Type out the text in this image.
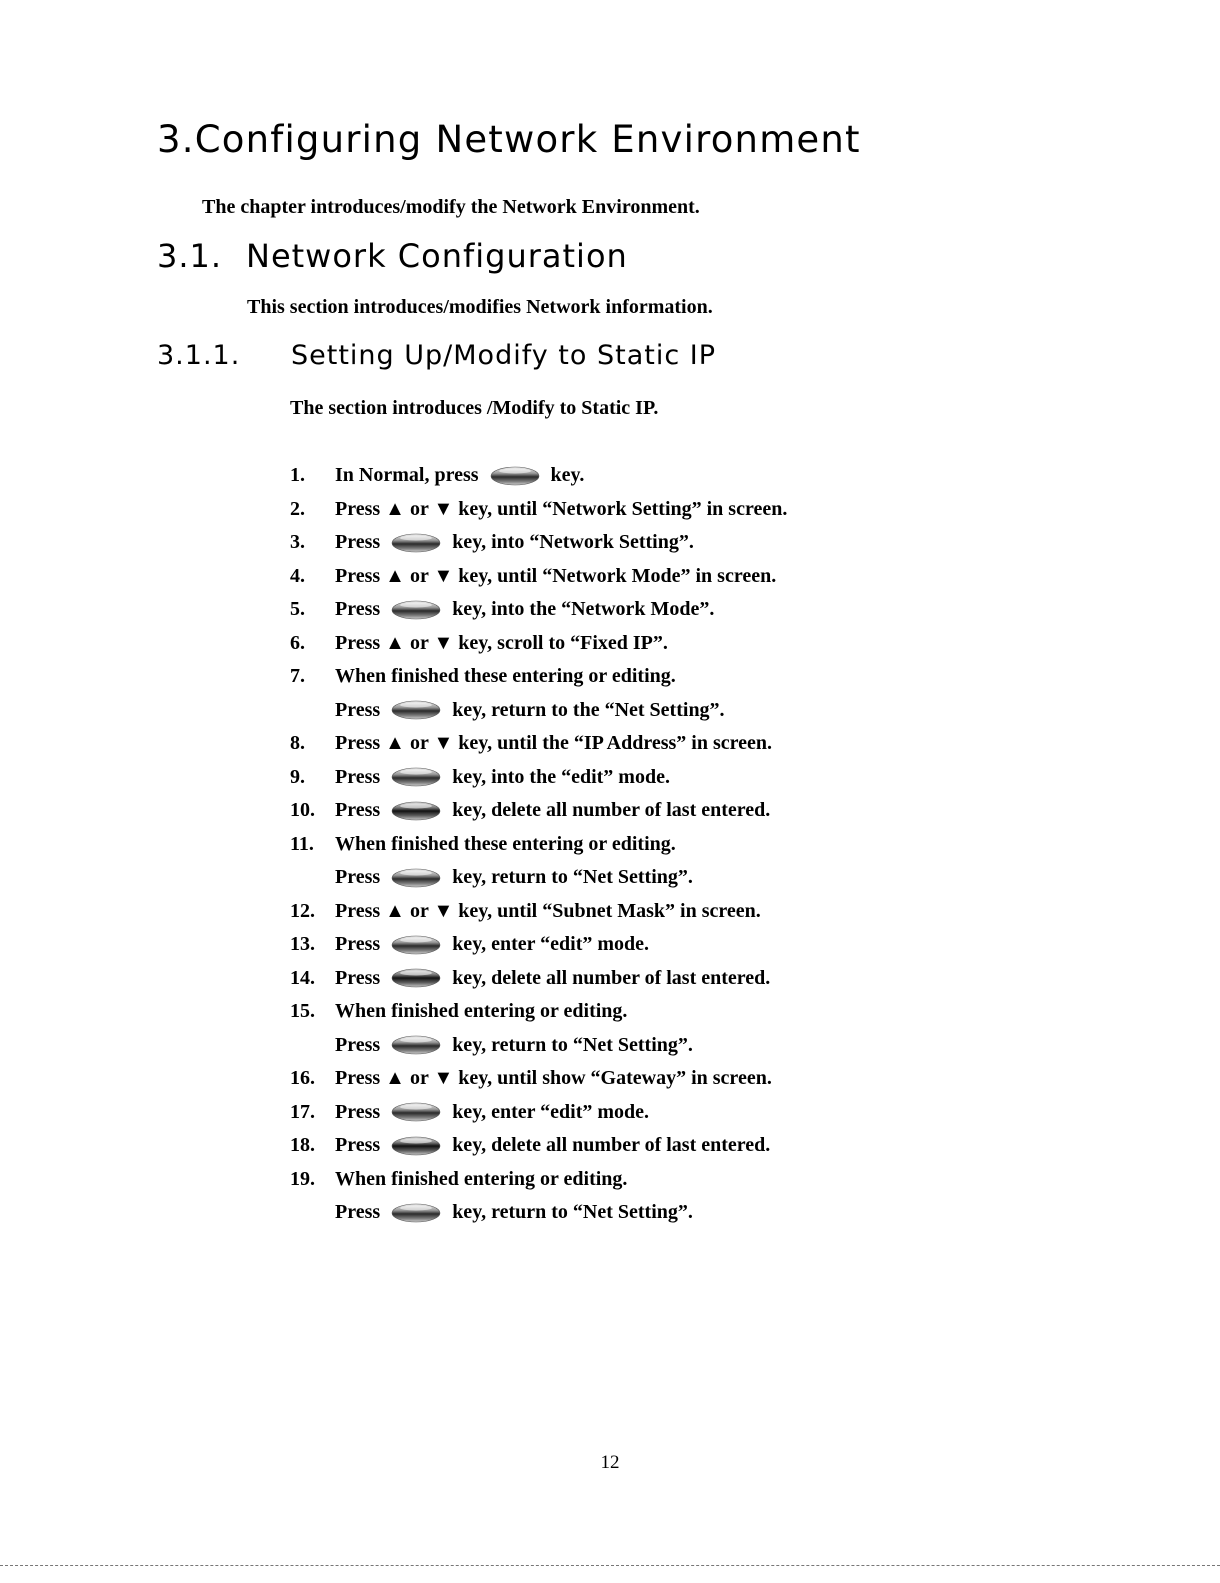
3.Configuring Network Environment

The chapter introduces/modify the Network Environment.

3.1. Network Configuration

This section introduces/modifies Network information.

3.1.1. Setting Up/Modify to Static IP

The section introduces /Modify to Static IP.

1.	In Normal, press	key.
2.	Press ▲ or ▼ key, until “Network Setting” in screen.
3.	Press	key, into “Network Setting”.
4.	Press ▲ or ▼ key, until “Network Mode” in screen.
5.	Press	key, into the “Network Mode”.
6.	Press ▲ or ▼ key, scroll to “Fixed IP”.
7.	When finished these entering or editing.
Press	key, return to the “Net Setting”.
8.	Press ▲ or ▼ key, until the “IP Address” in screen.
9.	Press	key, into the “edit” mode.
10.	Press	key, delete all number of last entered.
11.	When finished these entering or editing.
Press	key, return to “Net Setting”.
12.	Press ▲ or ▼ key, until “Subnet Mask” in screen.
13.	Press	key, enter “edit” mode.
14.	Press	key, delete all number of last entered.
15.	When finished entering or editing.
Press	key, return to “Net Setting”.
16.	Press ▲ or ▼ key, until show “Gateway” in screen.
17.	Press	key, enter “edit” mode.
18.	Press	key, delete all number of last entered.
19.	When finished entering or editing.
Press	key, return to “Net Setting”.
12
